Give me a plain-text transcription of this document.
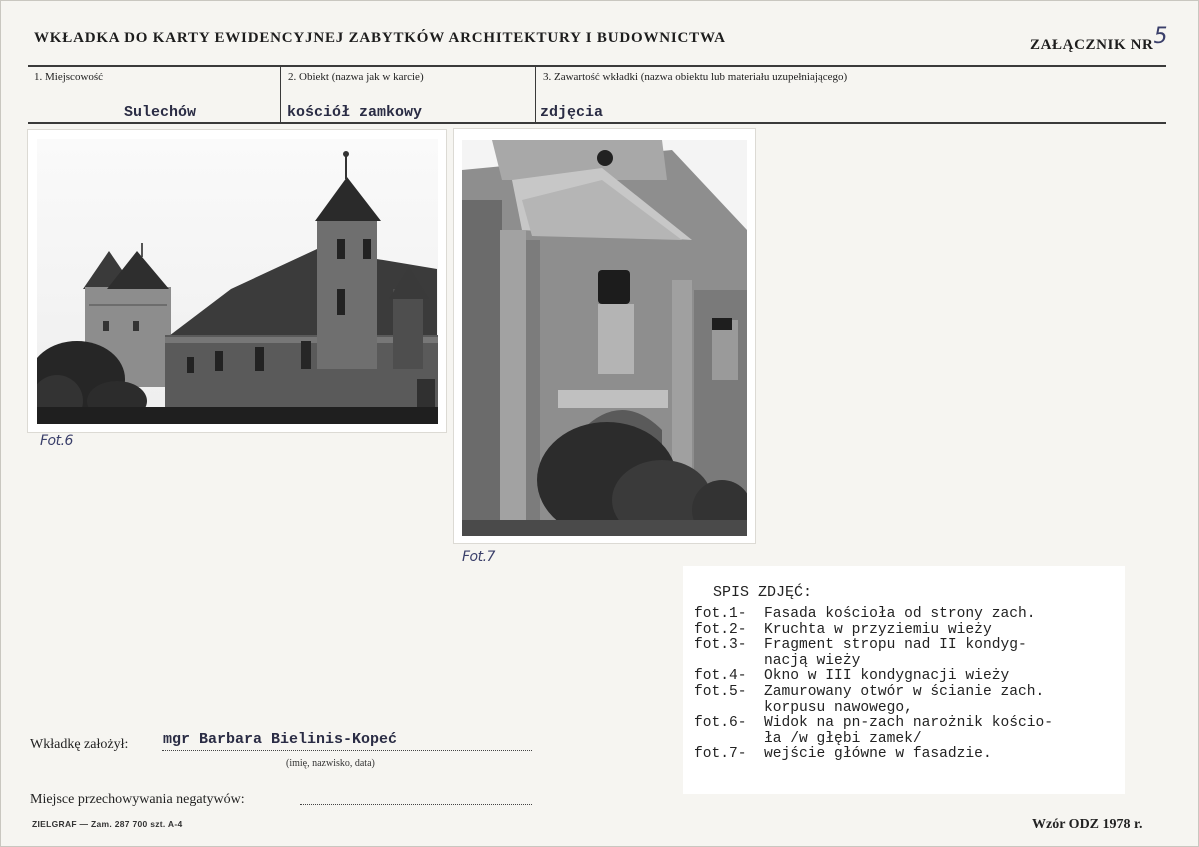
WKŁADKA DO KARTY EWIDENCYJNEJ ZABYTKÓW ARCHITEKTURY I BUDOWNICTWA	ZAŁĄCZNIK NR5
1. Miejscowość	2. Obiekt (nazwa jak w karcie)	3. Zawartość wkładki (nazwa obiektu lub materiału uzupełniającego)
Sulechów	kościół zamkowy	zdjęcia
Fot.6
Fot.7
SPIS ZDJĘĆ:
fot.1-	Fasada kościoła od strony zach.
fot.2-	Kruchta w przyziemiu wieży
fot.3-	Fragment stropu nad II kondyg-
nacją wieży
fot.4-	Okno w III kondygnacji wieży
fot.5-	Zamurowany otwór w ścianie zach.
korpusu nawowego,
fot.6-	Widok na pn-zach narożnik kościo-
ła /w głębi zamek/
fot.7-	wejście główne w fasadzie.
Wkładkę założył: mgr Barbara Bielinis-Kopeć
(imię, nazwisko, data)
Miejsce przechowywania negatywów:
ZIELGRAF — Zam. 287 700 szt. A-4	Wzór ODZ 1978 r.
